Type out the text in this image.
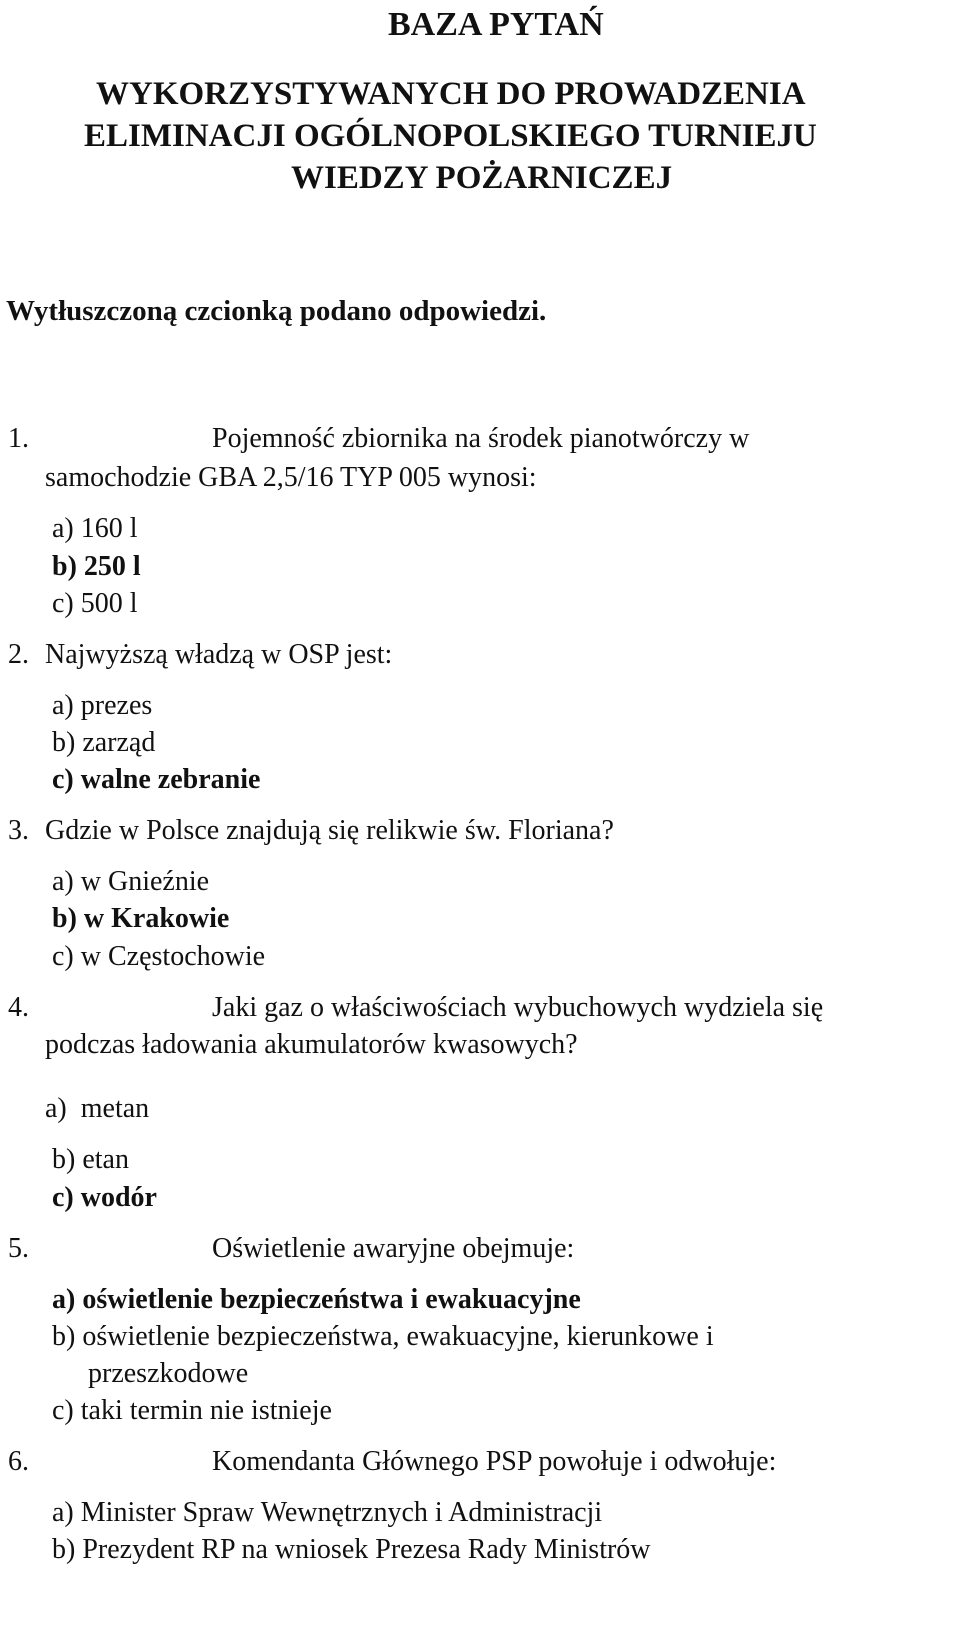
BAZA PYTAŃ
WYKORZYSTYWANYCH DO PROWADZENIA
ELIMINACJI OGÓLNOPOLSKIEGO TURNIEJU
WIEDZY POŻARNICZEJ
Wytłuszczoną czcionką podano odpowiedzi.
1.	Pojemność zbiornika na środek pianotwórczy w
samochodzie GBA 2,5/16 TYP 005 wynosi:
a) 160 l
b) 250 l
c) 500 l
2. Najwyższą władzą w OSP jest:
a) prezes
b) zarząd
c) walne zebranie
3. Gdzie w Polsce znajdują się relikwie św. Floriana?
a) w Gnieźnie
b) w Krakowie
c) w Częstochowie
4.	Jaki gaz o właściwościach wybuchowych wydziela się
podczas ładowania akumulatorów kwasowych?
a) metan
b) etan
c) wodór
5.	Oświetlenie awaryjne obejmuje:
a) oświetlenie bezpieczeństwa i ewakuacyjne
b) oświetlenie bezpieczeństwa, ewakuacyjne, kierunkowe i
przeszkodowe
c) taki termin nie istnieje
6.	Komendanta Głównego PSP powołuje i odwołuje:
a) Minister Spraw Wewnętrznych i Administracji
b) Prezydent RP na wniosek Prezesa Rady Ministrów
